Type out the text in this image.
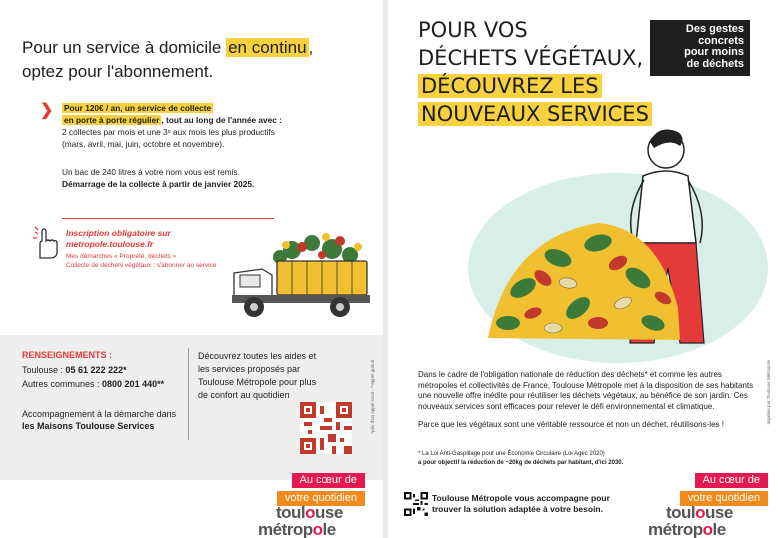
Pour un service à domicile en continu ,
optez pour l'abonnement.
❯ Pour 120€ / an, un service de collecte
en porte à porte régulier , tout au long de l'année avec :
2 collectes par mois et une 3ᵉ aux mois les plus productifs
(mars, avril, mai, juin, octobre et novembre).
Un bac de 240 litres à votre nom vous est remis.
Démarrage de la collecte à partir de janvier 2025.
Inscription obligatoire sur
metropole.toulouse.fr
Mes démarches « Propreté, déchets »
Collecte de déchets végétaux : s'abonner au service
RENSEIGNEMENTS :
Toulouse : 05 61 222 222*
Autres communes : 0800 201 440**
Accompagnement à la démarche dans
les Maisons Toulouse Services
Découvrez toutes les aides et les services proposés par Toulouse Métropole pour plus de confort au quotidien	*prix d'un appel local · **appel gratuit
Au cœur de
votre quotidien
toulouse
métropole
POUR VOS
DÉCHETS VÉGÉTAUX,
DÉCOUVREZ LES
NOUVEAUX SERVICES
Des gestes
concrets
pour moins
de déchets

Dans le cadre de l'obligation nationale de réduction des déchets* et comme les autres métropoles et collectivités de France, Toulouse Métropole met à la disposition de ses habitants une nouvelle offre inédite pour réutiliser les déchets végétaux, au bénéfice de son jardin. Ces nouveaux services sont efficaces pour relever le défi environnemental et climatique.

Parce que les végétaux sont une véritable ressource et non un déchet, réutilisons-les !

* La Loi Anti-Gaspillage pour une Économie Circulaire (Loi Agec 2020)
a pour objectif la réduction de ~20kg de déchets par habitant, d'ici 2030.
Toulouse Métropole vous accompagne pour trouver la solution adaptée à votre besoin.
Imprimé par Toulouse Métropole
Au cœur de
votre quotidien
toulouse
métropole
